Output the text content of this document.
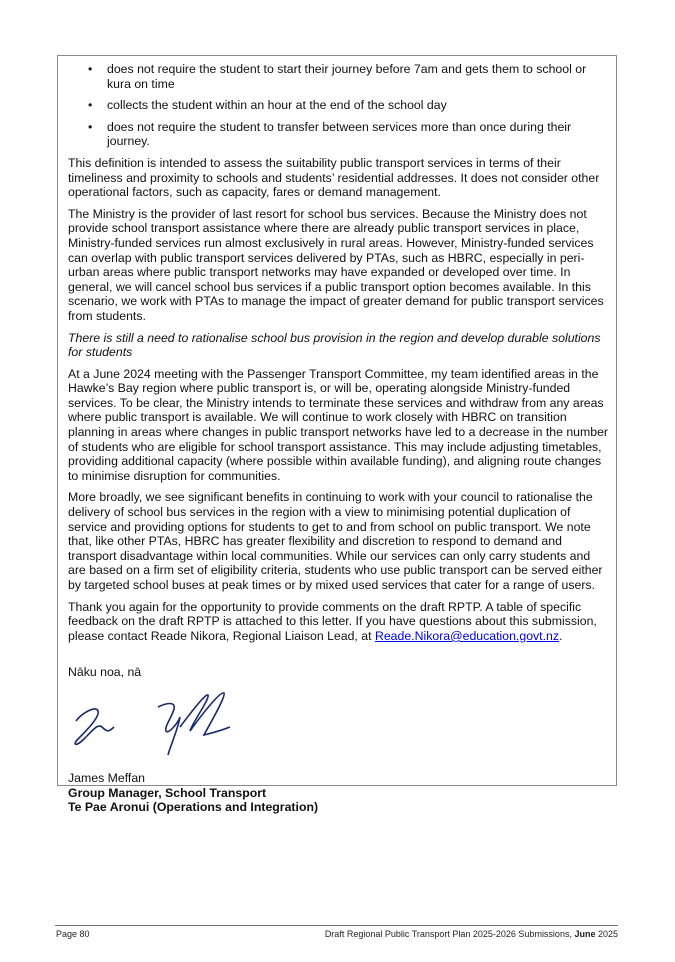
• does not require the student to start their journey before 7am and gets them to school or kura on time
• collects the student within an hour at the end of the school day
• does not require the student to transfer between services more than once during their journey.

This definition is intended to assess the suitability public transport services in terms of their timeliness and proximity to schools and students’ residential addresses. It does not consider other operational factors, such as capacity, fares or demand management.

The Ministry is the provider of last resort for school bus services. Because the Ministry does not provide school transport assistance where there are already public transport services in place, Ministry-funded services run almost exclusively in rural areas. However, Ministry-funded services can overlap with public transport services delivered by PTAs, such as HBRC, especially in peri-urban areas where public transport networks may have expanded or developed over time. In general, we will cancel school bus services if a public transport option becomes available. In this scenario, we work with PTAs to manage the impact of greater demand for public transport services from students.

There is still a need to rationalise school bus provision in the region and develop durable solutions for students

At a June 2024 meeting with the Passenger Transport Committee, my team identified areas in the Hawke’s Bay region where public transport is, or will be, operating alongside Ministry-funded services. To be clear, the Ministry intends to terminate these services and withdraw from any areas where public transport is available. We will continue to work closely with HBRC on transition planning in areas where changes in public transport networks have led to a decrease in the number of students who are eligible for school transport assistance. This may include adjusting timetables, providing additional capacity (where possible within available funding), and aligning route changes to minimise disruption for communities.

More broadly, we see significant benefits in continuing to work with your council to rationalise the delivery of school bus services in the region with a view to minimising potential duplication of service and providing options for students to get to and from school on public transport. We note that, like other PTAs, HBRC has greater flexibility and discretion to respond to demand and transport disadvantage within local communities. While our services can only carry students and are based on a firm set of eligibility criteria, students who use public transport can be served either by targeted school buses at peak times or by mixed used services that cater for a range of users.

Thank you again for the opportunity to provide comments on the draft RPTP. A table of specific feedback on the draft RPTP is attached to this letter. If you have questions about this submission, please contact Reade Nikora, Regional Liaison Lead, at Reade.Nikora@education.govt.nz.

Nāku noa, nā

James Meffan

Group Manager, School Transport

Te Pae Aronui (Operations and Integration)

Page 80	Draft Regional Public Transport Plan 2025-2026 Submissions, June 2025
